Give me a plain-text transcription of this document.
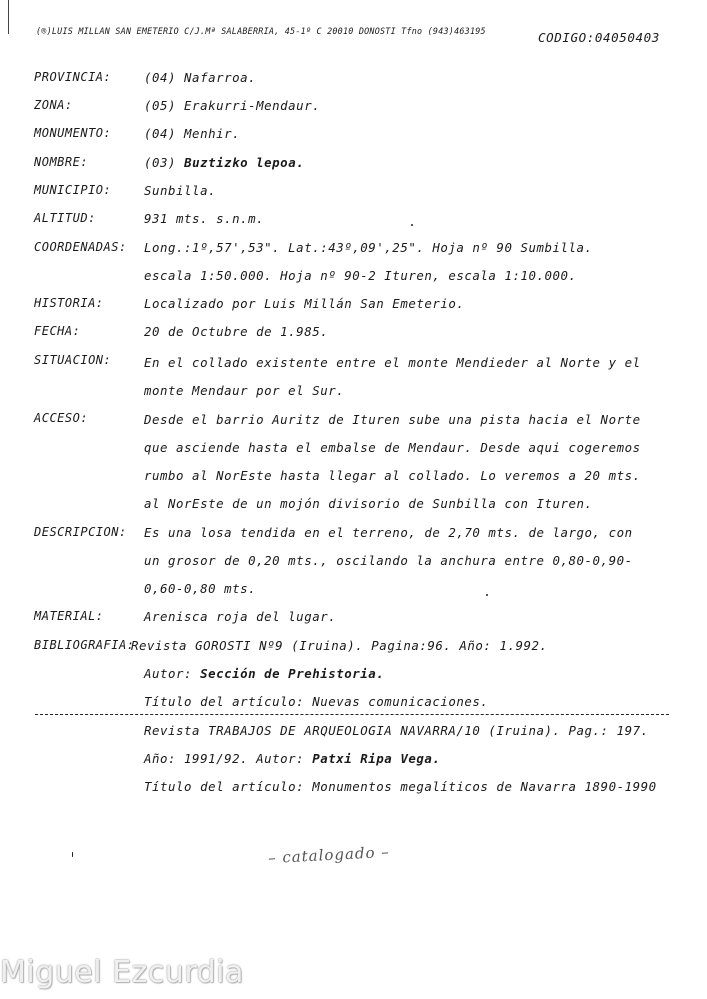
(®)LUIS MILLAN SAN EMETERIO C/J.Mª SALABERRIA, 45-1º C 20010 DONOSTI Tfno (943)463195	CODIGO:04050403
PROVINCIA:	(04) Nafarroa.
ZONA:	(05) Erakurri-Mendaur.
MONUMENTO:	(04) Menhir.
NOMBRE:	(03) Buztizko lepoa.
MUNICIPIO:	Sunbilla.
ALTITUD:	931 mts. s.n.m.
COORDENADAS: Long.:1º,57',53". Lat.:43º,09',25". Hoja nº 90 Sumbilla.
escala 1:50.000. Hoja nº 90-2 Ituren, escala 1:10.000.
HISTORIA:	Localizado por Luis Millán San Emeterio.
FECHA:	20 de Octubre de 1.985.
SITUACION:	En el collado existente entre el monte Mendieder al Norte y el
monte Mendaur por el Sur.
ACCESO:	Desde el barrio Auritz de Ituren sube una pista hacia el Norte
que asciende hasta el embalse de Mendaur. Desde aqui cogeremos
rumbo al NorEste hasta llegar al collado. Lo veremos a 20 mts.
al NorEste de un mojón divisorio de Sunbilla con Ituren.
DESCRIPCION: Es una losa tendida en el terreno, de 2,70 mts. de largo, con
un grosor de 0,20 mts., oscilando la anchura entre 0,80-0,90-
0,60-0,80 mts.
MATERIAL:	Arenisca roja del lugar.
BIBLIOGRAFIA:
Revista GOROSTI Nº9 (Iruina). Pagina:96. Año: 1.992.
Autor: Sección de Prehistoria.
Título del artículo: Nuevas comunicaciones.
Revista TRABAJOS DE ARQUEOLOGIA NAVARRA/10 (Iruina). Pag.: 197.
Año: 1991/92. Autor: Patxi Ripa Vega.
Título del artículo: Monumentos megalíticos de Navarra 1890-1990
– catalogado –
Miguel Ezcurdia
